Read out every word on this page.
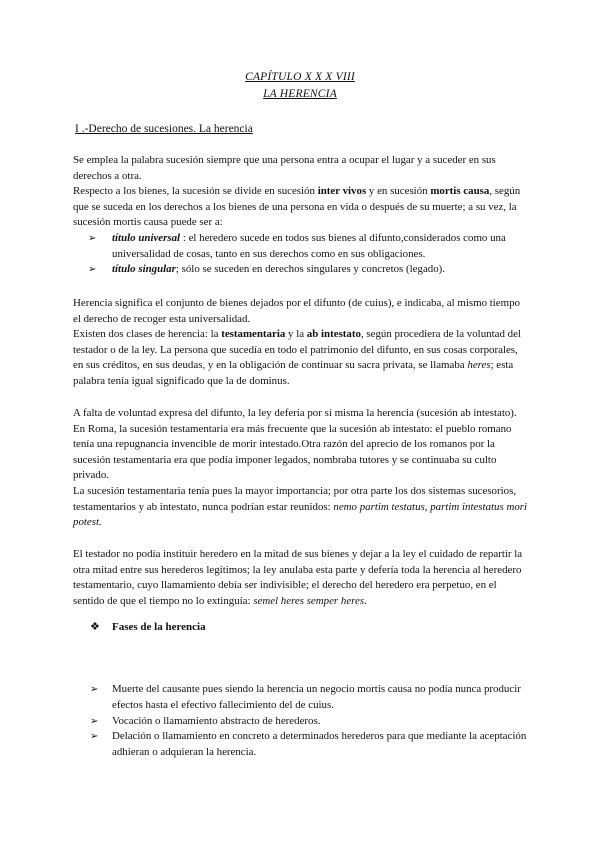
CAPÍTULO X X X VIII
LA HERENCIA
I .-Derecho de sucesiones. La herencia
Se emplea la palabra sucesión siempre que una persona entra a ocupar el lugar y a suceder en sus derechos a otra.
Respecto a los bienes, la sucesión se divide en sucesión inter vivos y en sucesión mortis causa, según que se suceda en los derechos a los bienes de una persona en vida o después de su muerte; a su vez, la sucesión mortis causa puede ser a:
➢ título universal : el heredero sucede en todos sus bienes al difunto,considerados como una universalidad de cosas, tanto en sus derechos como en sus obligaciones.
➢ título singular; sólo se suceden en derechos singulares y concretos (legado).
Herencia significa el conjunto de bienes dejados por el difunto (de cuius), e indicaba, al mismo tiempo el derecho de recoger esta universalidad.
Existen dos clases de herencia: la testamentaria y la ab intestato, según procediera de la voluntad del testador o de la ley. La persona que sucedía en todo el patrimonio del difunto, en sus cosas corporales, en sus créditos, en sus deudas, y en la obligación de continuar su sacra privata, se llamaba heres; esta palabra tenía igual significado que la de dominus.
A falta de voluntad expresa del difunto, la ley defería por sí misma la herencia (sucesión ab intestato). En Roma, la sucesión testamentaria era más frecuente que la sucesión ab intestato: el pueblo romano tenía una repugnancia invencible de morir intestado.Otra razón del aprecio de los romanos por la sucesión testamentaria era que podía imponer legados, nombraba tutores y se continuaba su culto privado.
La sucesión testamentaria tenía pues la mayor importancia; por otra parte los dos sistemas sucesorios, testamentarios y ab intestato, nunca podrían estar reunidos: nemo partim testatus, partim intestatus mori potest.
El testador no podía instituir heredero en la mitad de sus bienes y dejar a la ley el cuidado de repartir la otra mitad entre sus herederos legítimos; la ley anulaba esta parte y defería toda la herencia al heredero testamentario, cuyo llamamiento debía ser indivisible; el derecho del heredero era perpetuo, en el sentido de que el tiempo no lo extinguía: semel heres semper heres.
❖ Fases de la herencia
➢ Muerte del causante pues siendo la herencia un negocio mortis causa no podía nunca producir efectos hasta el efectivo fallecimiento del de cuius.
➢ Vocación o llamamiento abstracto de herederos.
➢ Delación o llamamiento en concreto a determinados herederos para que mediante la aceptación adhieran o adquieran la herencia.
